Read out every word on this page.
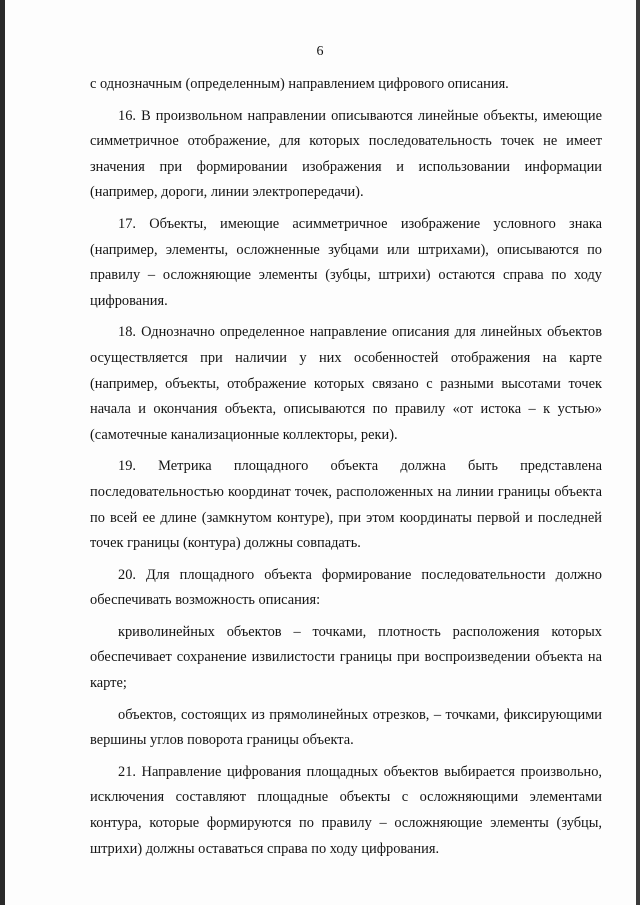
6

с однозначным (определенным) направлением цифрового описания.

16. В произвольном направлении описываются линейные объекты, имеющие симметричное отображение, для которых последовательность точек не имеет значения при формировании изображения и использовании информации (например, дороги, линии электропередачи).

17. Объекты, имеющие асимметричное изображение условного знака (например, элементы, осложненные зубцами или штрихами), описываются по правилу – осложняющие элементы (зубцы, штрихи) остаются справа по ходу цифрования.

18. Однозначно определенное направление описания для линейных объектов осуществляется при наличии у них особенностей отображения на карте (например, объекты, отображение которых связано с разными высотами точек начала и окончания объекта, описываются по правилу «от истока – к устью» (самотечные канализационные коллекторы, реки).

19. Метрика площадного объекта должна быть представлена последовательностью координат точек, расположенных на линии границы объекта по всей ее длине (замкнутом контуре), при этом координаты первой и последней точек границы (контура) должны совпадать.

20. Для площадного объекта формирование последовательности должно обеспечивать возможность описания:

криволинейных объектов – точками, плотность расположения которых обеспечивает сохранение извилистости границы при воспроизведении объекта на карте;

объектов, состоящих из прямолинейных отрезков, – точками, фиксирующими вершины углов поворота границы объекта.

21. Направление цифрования площадных объектов выбирается произвольно, исключения составляют площадные объекты с осложняющими элементами контура, которые формируются по правилу – осложняющие элементы (зубцы, штрихи) должны оставаться справа по ходу цифрования.
